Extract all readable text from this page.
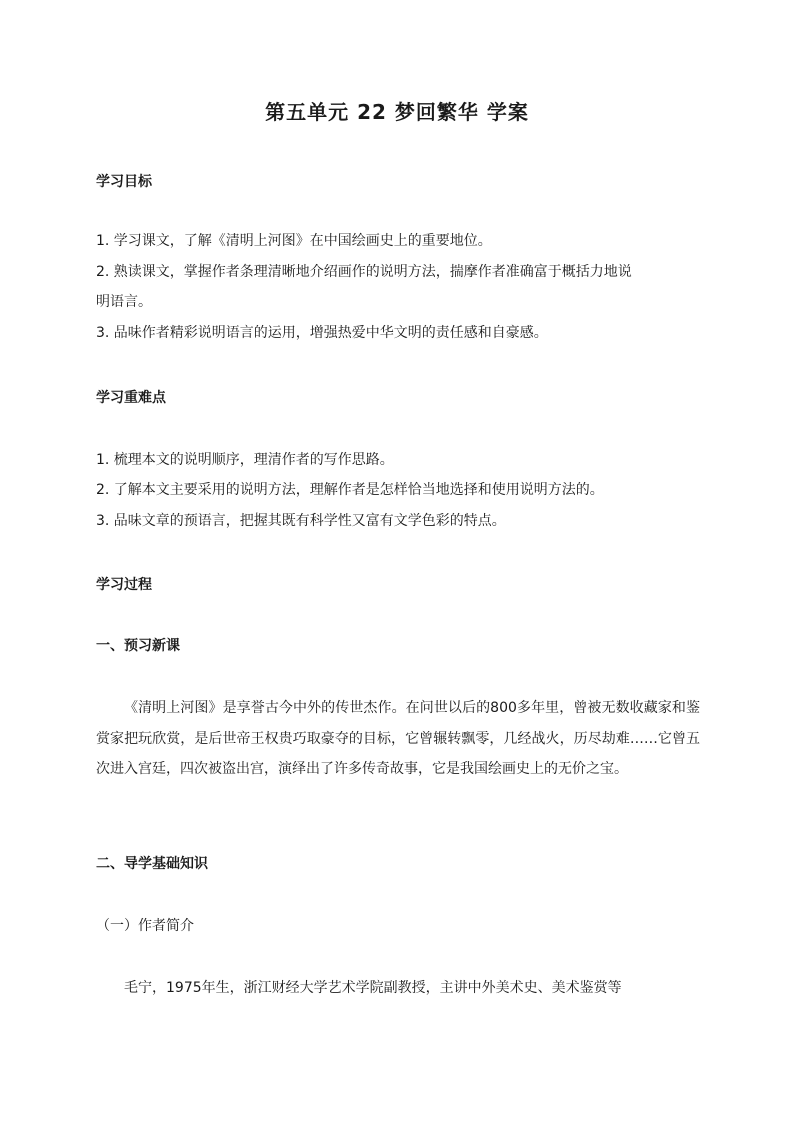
第五单元 22 梦回繁华 学案
学习目标
1. 学习课文，了解《清明上河图》在中国绘画史上的重要地位。
2. 熟读课文，掌握作者条理清晰地介绍画作的说明方法，揣摩作者准确富于概括力地说
明语言。
3. 品味作者精彩说明语言的运用，增强热爱中华文明的责任感和自豪感。
学习重难点
1. 梳理本文的说明顺序，理清作者的写作思路。
2. 了解本文主要采用的说明方法，理解作者是怎样恰当地选择和使用说明方法的。
3. 品味文章的预语言，把握其既有科学性又富有文学色彩的特点。
学习过程
一、预习新课

《清明上河图》是享誉古今中外的传世杰作。在问世以后的800多年里，曾被无数收藏家和鉴赏家把玩欣赏，是后世帝王权贵巧取豪夺的目标，它曾辗转飘零，几经战火，历尽劫难……它曾五次进入宫廷，四次被盗出宫，演绎出了许多传奇故事，它是我国绘画史上的无价之宝。

二、导学基础知识
（一）作者简介

毛宁，1975年生，浙江财经大学艺术学院副教授，主讲中外美术史、美术鉴赏等
